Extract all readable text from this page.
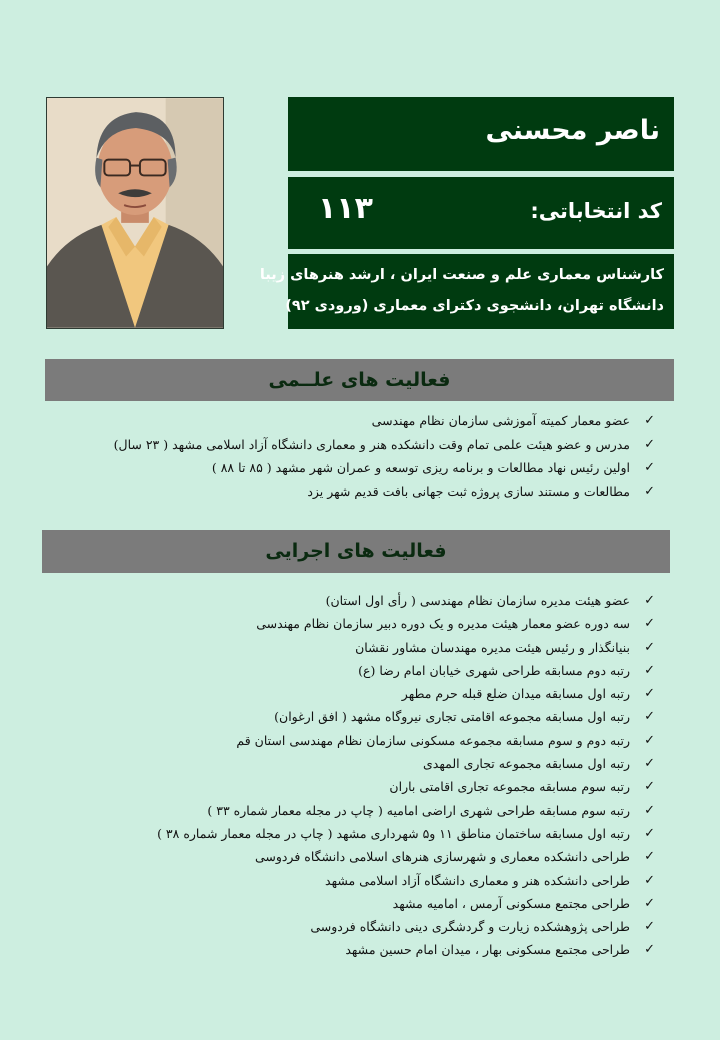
ناصر محسنی
کد انتخاباتی:
۱۱۳
کارشناس معماری علم و صنعت ایران ، ارشد هنرهای زیبا
دانشگاه تهران، دانشجوی دکترای معماری (ورودی ۹۲)
فعالیت های علــمی
✓
عضو معمار کمیته آموزشی سازمان نظام مهندسی
✓
مدرس و عضو هیئت علمی تمام وقت دانشکده هنر و معماری دانشگاه آزاد اسلامی مشهد ( ۲۳ سال)
✓
اولین رئیس نهاد مطالعات و برنامه ریزی توسعه و عمران شهر مشهد ( ۸۵ تا ۸۸ )
✓
مطالعات و مستند سازی پروژه ثبت جهانی بافت قدیم شهر یزد
فعالیت های اجرایی
✓
عضو هیئت مدیره سازمان نظام مهندسی ( رأی اول استان)
✓
سه دوره عضو معمار هیئت مدیره و یک دوره دبیر سازمان نظام مهندسی
✓
بنیانگذار و رئیس هیئت مدیره مهندسان مشاور نقشان
✓
رتبه دوم مسابقه طراحی شهری خیابان امام رضا (ع)
✓
رتبه اول مسابقه میدان ضلع قبله حرم مطهر
✓
رتبه اول مسابقه مجموعه اقامتی تجاری نیروگاه مشهد ( افق ارغوان)
✓
رتبه دوم و سوم مسابقه مجموعه مسکونی سازمان نظام مهندسی استان قم
✓
رتبه اول مسابقه مجموعه تجاری المهدی
✓
رتبه سوم مسابقه مجموعه تجاری اقامتی باران
✓
رتبه سوم مسابقه طراحی شهری اراضی امامیه ( چاپ در مجله معمار شماره ۳۳ )
✓
رتبه اول مسابقه ساختمان مناطق ۱۱ و۵ شهرداری مشهد ( چاپ در مجله معمار شماره ۳۸ )
✓
طراحی دانشکده معماری و شهرسازی هنرهای اسلامی دانشگاه فردوسی
✓
طراحی دانشکده هنر و معماری دانشگاه آزاد اسلامی مشهد
✓
طراحی مجتمع مسکونی آرمس ، امامیه مشهد
✓
طراحی پژوهشکده زیارت و گردشگری دینی دانشگاه فردوسی
✓
طراحی مجتمع مسکونی بهار ، میدان امام حسین مشهد
